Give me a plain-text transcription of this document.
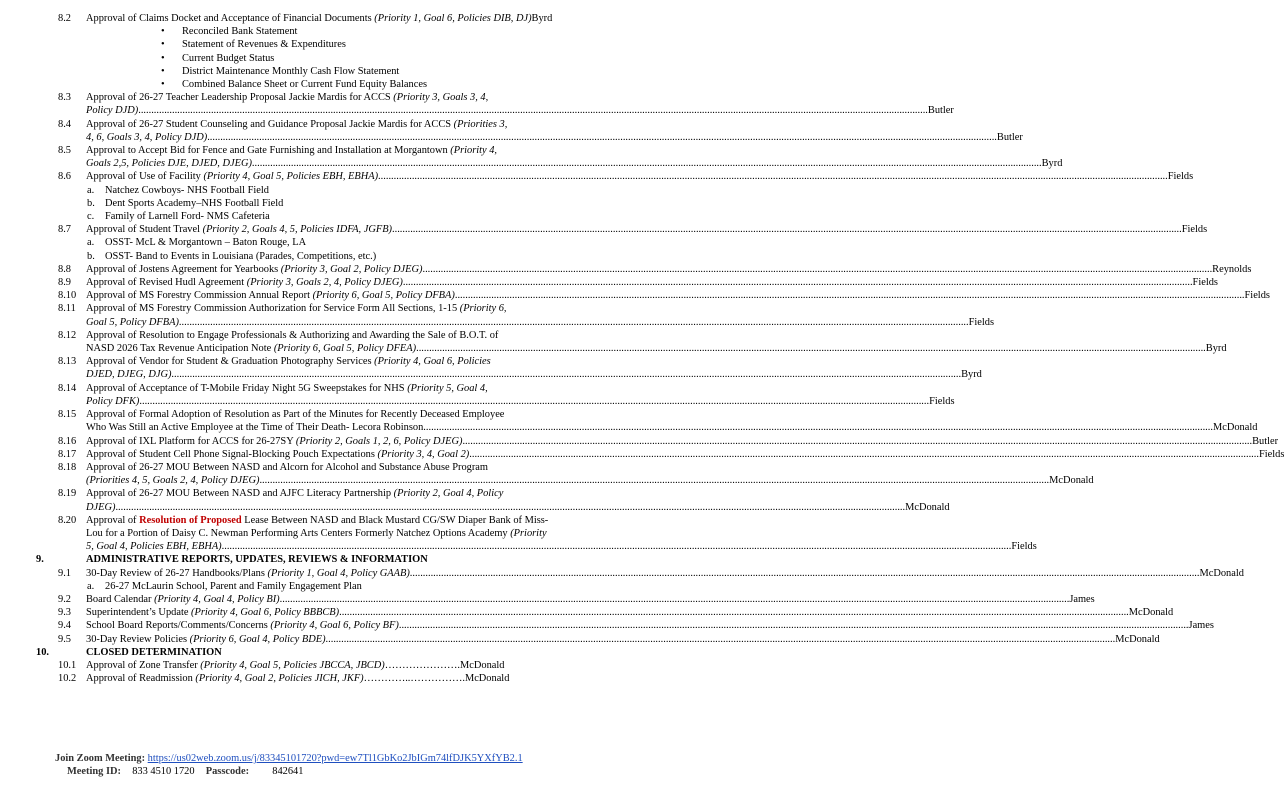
8.2	Approval of Claims Docket and Acceptance of Financial Documents (Priority 1, Goal 6, Policies DIB, DJ)Byrd
• Reconciled Bank Statement
• Statement of Revenues & Expenditures
• Current Budget Status
• District Maintenance Monthly Cash Flow Statement
• Combined Balance Sheet or Current Fund Equity Balances
8.3	Approval of 26-27 Teacher Leadership Proposal Jackie Mardis for ACCS (Priority 3, Goals 3, 4,
Policy DJD) .....	Butler
8.4	Approval of 26-27 Student Counseling and Guidance Proposal Jackie Mardis for ACCS (Priorities 3,
4, 6, Goals 3, 4, Policy DJD) .....	Butler
8.5	Approval to Accept Bid for Fence and Gate Furnishing and Installation at Morgantown (Priority 4,
Goals 2,5, Policies DJE, DJED, DJEG) .....	Byrd
8.6	Approval of Use of Facility (Priority 4, Goal 5, Policies EBH, EBHA) .....	Fields
a. Natchez Cowboys- NHS Football Field
b. Dent Sports Academy–NHS Football Field
c. Family of Larnell Ford- NMS Cafeteria
8.7	Approval of Student Travel (Priority 2, Goals 4, 5, Policies IDFA, JGFB) .....	Fields
a. OSST- McL & Morgantown – Baton Rouge, LA
b. OSST- Band to Events in Louisiana (Parades, Competitions, etc.)
8.8	Approval of Jostens Agreement for Yearbooks (Priority 3, Goal 2, Policy DJEG) .....	Reynolds
8.9	Approval of Revised Hudl Agreement (Priority 3, Goals 2, 4, Policy DJEG) .....	Fields
8.10 Approval of MS Forestry Commission Annual Report (Priority 6, Goal 5, Policy DFBA) .....	Fields
8.11 Approval of MS Forestry Commission Authorization for Service Form All Sections, 1-15 (Priority 6,
Goal 5, Policy DFBA) .....	Fields
8.12 Approval of Resolution to Engage Professionals & Authorizing and Awarding the Sale of B.O.T. of
NASD 2026 Tax Revenue Anticipation Note (Priority 6, Goal 5, Policy DFEA) .....	Byrd
8.13 Approval of Vendor for Student & Graduation Photography Services (Priority 4, Goal 6, Policies
DJED, DJEG, DJG) .....	Byrd
8.14 Approval of Acceptance of T-Mobile Friday Night 5G Sweepstakes for NHS (Priority 5, Goal 4,
Policy DFK) .....	Fields
8.15 Approval of Formal Adoption of Resolution as Part of the Minutes for Recently Deceased Employee
Who Was Still an Active Employee at the Time of Their Death- Lecora Robinson .....	McDonald
8.16 Approval of IXL Platform for ACCS for 26-27SY (Priority 2, Goals 1, 2, 6, Policy DJEG) .....	Butler
8.17 Approval of Student Cell Phone Signal-Blocking Pouch Expectations (Priority 3, 4, Goal 2) .....	Fields
8.18 Approval of 26-27 MOU Between NASD and Alcorn for Alcohol and Substance Abuse Program
(Priorities 4, 5, Goals 2, 4, Policy DJEG) .....	McDonald
8.19 Approval of 26-27 MOU Between NASD and AJFC Literacy Partnership (Priority 2, Goal 4, Policy
DJEG) .....	McDonald
8.20 Approval of Resolution of Proposed Lease Between NASD and Black Mustard CG/SW Diaper Bank of Miss-
Lou for a Portion of Daisy C. Newman Performing Arts Centers Formerly Natchez Options Academy (Priority
5, Goal 4, Policies EBH, EBHA) .....	Fields
9.	ADMINISTRATIVE REPORTS, UPDATES, REVIEWS & INFORMATION
9.1	30-Day Review of 26-27 Handbooks/Plans (Priority 1, Goal 4, Policy GAAB) .....	McDonald
a. 26-27 McLaurin School, Parent and Family Engagement Plan
9.2	Board Calendar (Priority 4, Goal 4, Policy BI) .....	James
9.3	Superintendent’s Update (Priority 4, Goal 6, Policy BBBCB) .....	McDonald
9.4	School Board Reports/Comments/Concerns (Priority 4, Goal 6, Policy BF) .....	James
9.5	30-Day Review Policies (Priority 6, Goal 4, Policy BDE) .....	McDonald
10.	CLOSED DETERMINATION
10.1 Approval of Zone Transfer (Priority 4, Goal 5, Policies JBCCA, JBCD)………………….McDonald
10.2 Approval of Readmission (Priority 4, Goal 2, Policies JICH, JKF)…………..…………….McDonald
Join Zoom Meeting: https://us02web.zoom.us/j/83345101720?pwd=ew7Tl1GbKo2JbIGm74lfDJK5YXfYB2.1
Meeting ID: 833 4510 1720 Passcode: 842641
